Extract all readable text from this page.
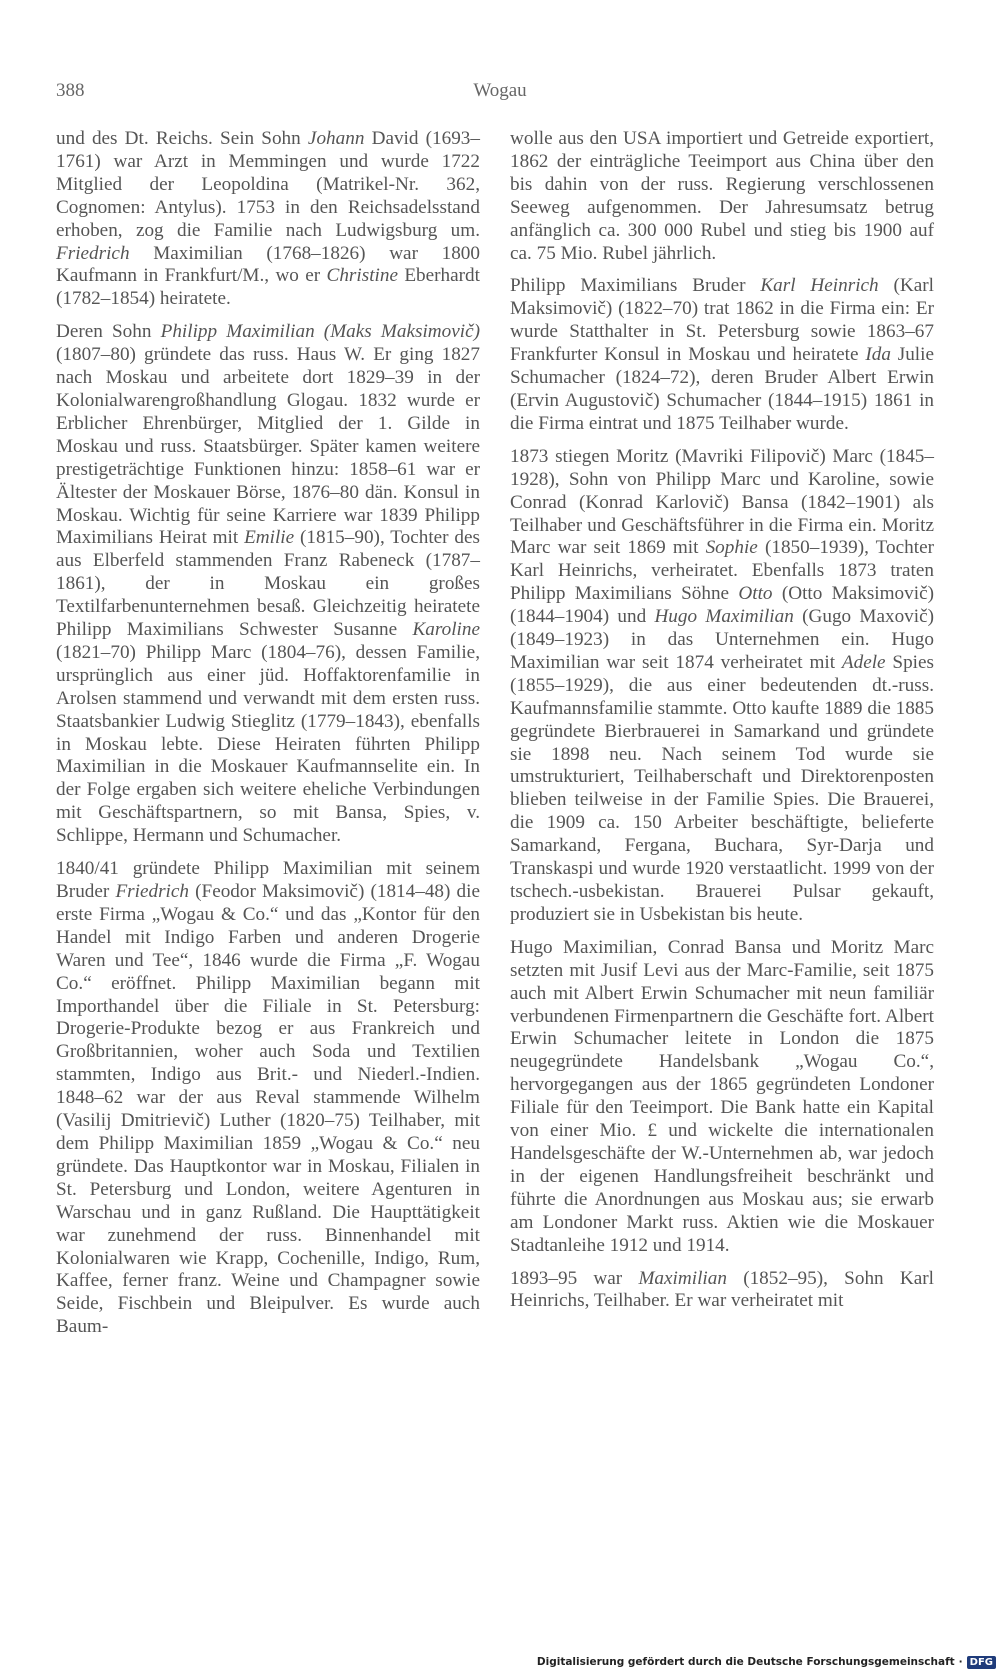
388	Wogau

und des Dt. Reichs. Sein Sohn Johann David (1693–1761) war Arzt in Memmingen und wurde 1722 Mitglied der Leopoldina (Matrikel-Nr. 362, Cognomen: Antylus). 1753 in den Reichsadelsstand erhoben, zog die Familie nach Ludwigsburg um. Friedrich Maximilian (1768–1826) war 1800 Kaufmann in Frankfurt/M., wo er Christine Eberhardt (1782–1854) heiratete.

Deren Sohn Philipp Maximilian (Maks Maksimovič) (1807–80) gründete das russ. Haus W. Er ging 1827 nach Moskau und arbeitete dort 1829–39 in der Kolonialwarengroßhandlung Glogau. 1832 wurde er Erblicher Ehrenbürger, Mitglied der 1. Gilde in Moskau und russ. Staatsbürger. Später kamen weitere prestigeträchtige Funktionen hinzu: 1858–61 war er Ältester der Moskauer Börse, 1876–80 dän. Konsul in Moskau. Wichtig für seine Karriere war 1839 Philipp Maximilians Heirat mit Emilie (1815–90), Tochter des aus Elberfeld stammenden Franz Rabeneck (1787–1861), der in Moskau ein großes Textilfarbenunternehmen besaß. Gleichzeitig heiratete Philipp Maximilians Schwester Susanne Karoline (1821–70) Philipp Marc (1804–76), dessen Familie, ursprünglich aus einer jüd. Hoffaktorenfamilie in Arolsen stammend und verwandt mit dem ersten russ. Staatsbankier Ludwig Stieglitz (1779–1843), ebenfalls in Moskau lebte. Diese Heiraten führten Philipp Maximilian in die Moskauer Kaufmannselite ein. In der Folge ergaben sich weitere eheliche Verbindungen mit Geschäftspartnern, so mit Bansa, Spies, v. Schlippe, Hermann und Schumacher.

1840/41 gründete Philipp Maximilian mit seinem Bruder Friedrich (Feodor Maksimovič) (1814–48) die erste Firma „Wogau & Co.“ und das „Kontor für den Handel mit Indigo Farben und anderen Drogerie Waren und Tee“, 1846 wurde die Firma „F. Wogau Co.“ eröffnet. Philipp Maximilian begann mit Importhandel über die Filiale in St. Petersburg: Drogerie-Produkte bezog er aus Frankreich und Großbritannien, woher auch Soda und Textilien stammten, Indigo aus Brit.- und Niederl.-Indien. 1848–62 war der aus Reval stammende Wilhelm (Vasilij Dmitrievič) Luther (1820–75) Teilhaber, mit dem Philipp Maximilian 1859 „Wogau & Co.“ neu gründete. Das Hauptkontor war in Moskau, Filialen in St. Petersburg und London, weitere Agenturen in Warschau und in ganz Rußland. Die Haupttätigkeit war zunehmend der russ. Binnenhandel mit Kolonialwaren wie Krapp, Cochenille, Indigo, Rum, Kaffee, ferner franz. Weine und Champagner sowie Seide, Fischbein und Bleipulver. Es wurde auch Baum-

wolle aus den USA importiert und Getreide exportiert, 1862 der einträgliche Teeimport aus China über den bis dahin von der russ. Regierung verschlossenen Seeweg aufgenommen. Der Jahresumsatz betrug anfänglich ca. 300 000 Rubel und stieg bis 1900 auf ca. 75 Mio. Rubel jährlich.

Philipp Maximilians Bruder Karl Heinrich (Karl Maksimovič) (1822–70) trat 1862 in die Firma ein: Er wurde Statthalter in St. Petersburg sowie 1863–67 Frankfurter Konsul in Moskau und heiratete Ida Julie Schumacher (1824–72), deren Bruder Albert Erwin (Ervin Augustovič) Schumacher (1844–1915) 1861 in die Firma eintrat und 1875 Teilhaber wurde.

1873 stiegen Moritz (Mavriki Filipovič) Marc (1845–1928), Sohn von Philipp Marc und Karoline, sowie Conrad (Konrad Karlovič) Bansa (1842–1901) als Teilhaber und Geschäftsführer in die Firma ein. Moritz Marc war seit 1869 mit Sophie (1850–1939), Tochter Karl Heinrichs, verheiratet. Ebenfalls 1873 traten Philipp Maximilians Söhne Otto (Otto Maksimovič) (1844–1904) und Hugo Maximilian (Gugo Maxovič) (1849–1923) in das Unternehmen ein. Hugo Maximilian war seit 1874 verheiratet mit Adele Spies (1855–1929), die aus einer bedeutenden dt.-russ. Kaufmannsfamilie stammte. Otto kaufte 1889 die 1885 gegründete Bierbrauerei in Samarkand und gründete sie 1898 neu. Nach seinem Tod wurde sie umstrukturiert, Teilhaberschaft und Direktorenposten blieben teilweise in der Familie Spies. Die Brauerei, die 1909 ca. 150 Arbeiter beschäftigte, belieferte Samarkand, Fergana, Buchara, Syr-Darja und Transkaspi und wurde 1920 verstaatlicht. 1999 von der tschech.-usbekistan. Brauerei Pulsar gekauft, produziert sie in Usbekistan bis heute.

Hugo Maximilian, Conrad Bansa und Moritz Marc setzten mit Jusif Levi aus der Marc-Familie, seit 1875 auch mit Albert Erwin Schumacher mit neun familiär verbundenen Firmenpartnern die Geschäfte fort. Albert Erwin Schumacher leitete in London die 1875 neugegründete Handelsbank „Wogau Co.“, hervorgegangen aus der 1865 gegründeten Londoner Filiale für den Teeimport. Die Bank hatte ein Kapital von einer Mio. £ und wickelte die internationalen Handelsgeschäfte der W.-Unternehmen ab, war jedoch in der eigenen Handlungsfreiheit beschränkt und führte die Anordnungen aus Moskau aus; sie erwarb am Londoner Markt russ. Aktien wie die Moskauer Stadtanleihe 1912 und 1914.

1893–95 war Maximilian (1852–95), Sohn Karl Heinrichs, Teilhaber. Er war verheiratet mit

Digitalisierung gefördert durch die Deutsche Forschungsgemeinschaft · DFG
